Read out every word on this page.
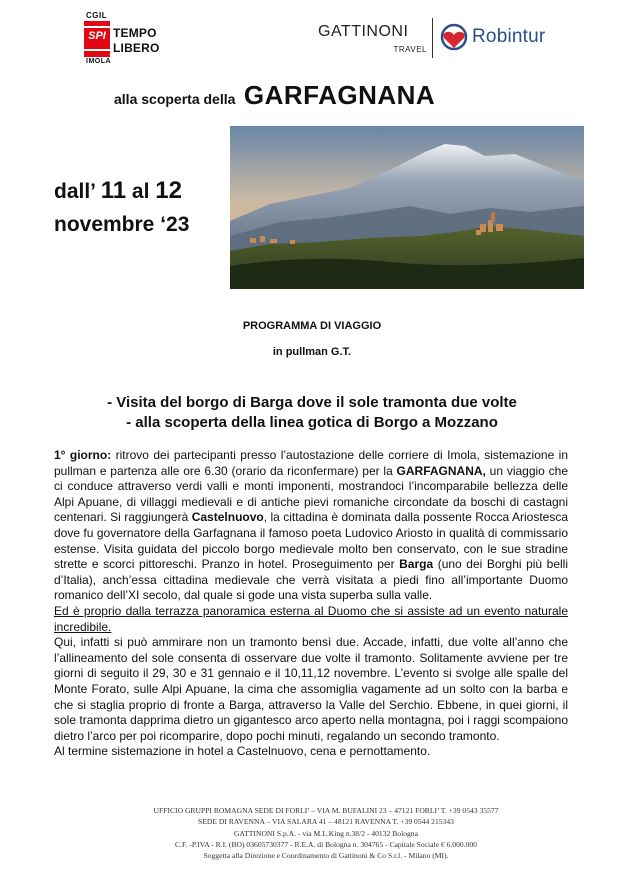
CGIL
SPI TEMPO
LIBERO
IMOLA
GATTINONI
TRAVEL
Robintur
alla scoperta della GARFAGNANA
dall’ 11 al 12
novembre ‘23
PROGRAMMA DI VIAGGIO
in pullman G.T.
- Visita del borgo di Barga dove il sole tramonta due volte
- alla scoperta della linea gotica di Borgo a Mozzano

1° giorno: ritrovo dei partecipanti presso l’autostazione delle corriere di Imola, sistemazione in pullman e partenza alle ore 6.30 (orario da riconfermare) per la GARFAGNANA, un viaggio che ci conduce attraverso verdi valli e monti imponenti, mostrandoci l’incomparabile bellezza delle Alpi Apuane, di villaggi medievali e di antiche pievi romaniche circondate da boschi di castagni centenari. Si raggiungerà Castelnuovo, la cittadina è dominata dalla possente Rocca Ariostesca dove fu governatore della Garfagnana il famoso poeta Ludovico Ariosto in qualità di commissario estense. Visita guidata del piccolo borgo medievale molto ben conservato, con le sue stradine strette e scorci pittoreschi. Pranzo in hotel. Proseguimento per Barga (uno dei Borghi più belli d’Italia), anch’essa cittadina medievale che verrà visitata a piedi fino all’importante Duomo romanico dell’XI secolo, dal quale si gode una vista superba sulla valle.

Ed è proprio dalla terrazza panoramica esterna al Duomo che si assiste ad un evento naturale incredibile.

Qui, infatti si può ammirare non un tramonto bensì due. Accade, infatti, due volte all’anno che l’allineamento del sole consenta di osservare due volte il tramonto. Solitamente avviene per tre giorni di seguito il 29, 30 e 31 gennaio e il 10,11,12 novembre. L’evento si svolge alle spalle del Monte Forato, sulle Alpi Apuane, la cima che assomiglia vagamente ad un solto con la barba e che si staglia proprio di fronte a Barga, attraverso la Valle del Serchio. Ebbene, in quei giorni, il sole tramonta dapprima dietro un gigantesco arco aperto nella montagna, poi i raggi scompaiono dietro l’arco per poi ricomparire, dopo pochi minuti, regalando un secondo tramonto.

Al termine sistemazione in hotel a Castelnuovo, cena e pernottamento.

UFFICIO GRUPPI ROMAGNA SEDE DI FORLI’ – VIA M. BUFALINI 23 – 47121 FORLI’ T. +39 0543 35577
SEDE DI RAVENNA – VIA SALARA 41 – 48121 RAVENNA T. +39 0544 215343
GATTINONI S.p.A. - via M.L.King n.38/2 - 40132 Bologna
C.F. -P.IVA - R.I. (BO) 03605730377 - R.E.A. di Bologna n. 304765 - Capitale Sociale € 6.000.000
Soggetta alla Direzione e Coordinamento di Gattinoni & Co S.r.l. - Milano (MI).
